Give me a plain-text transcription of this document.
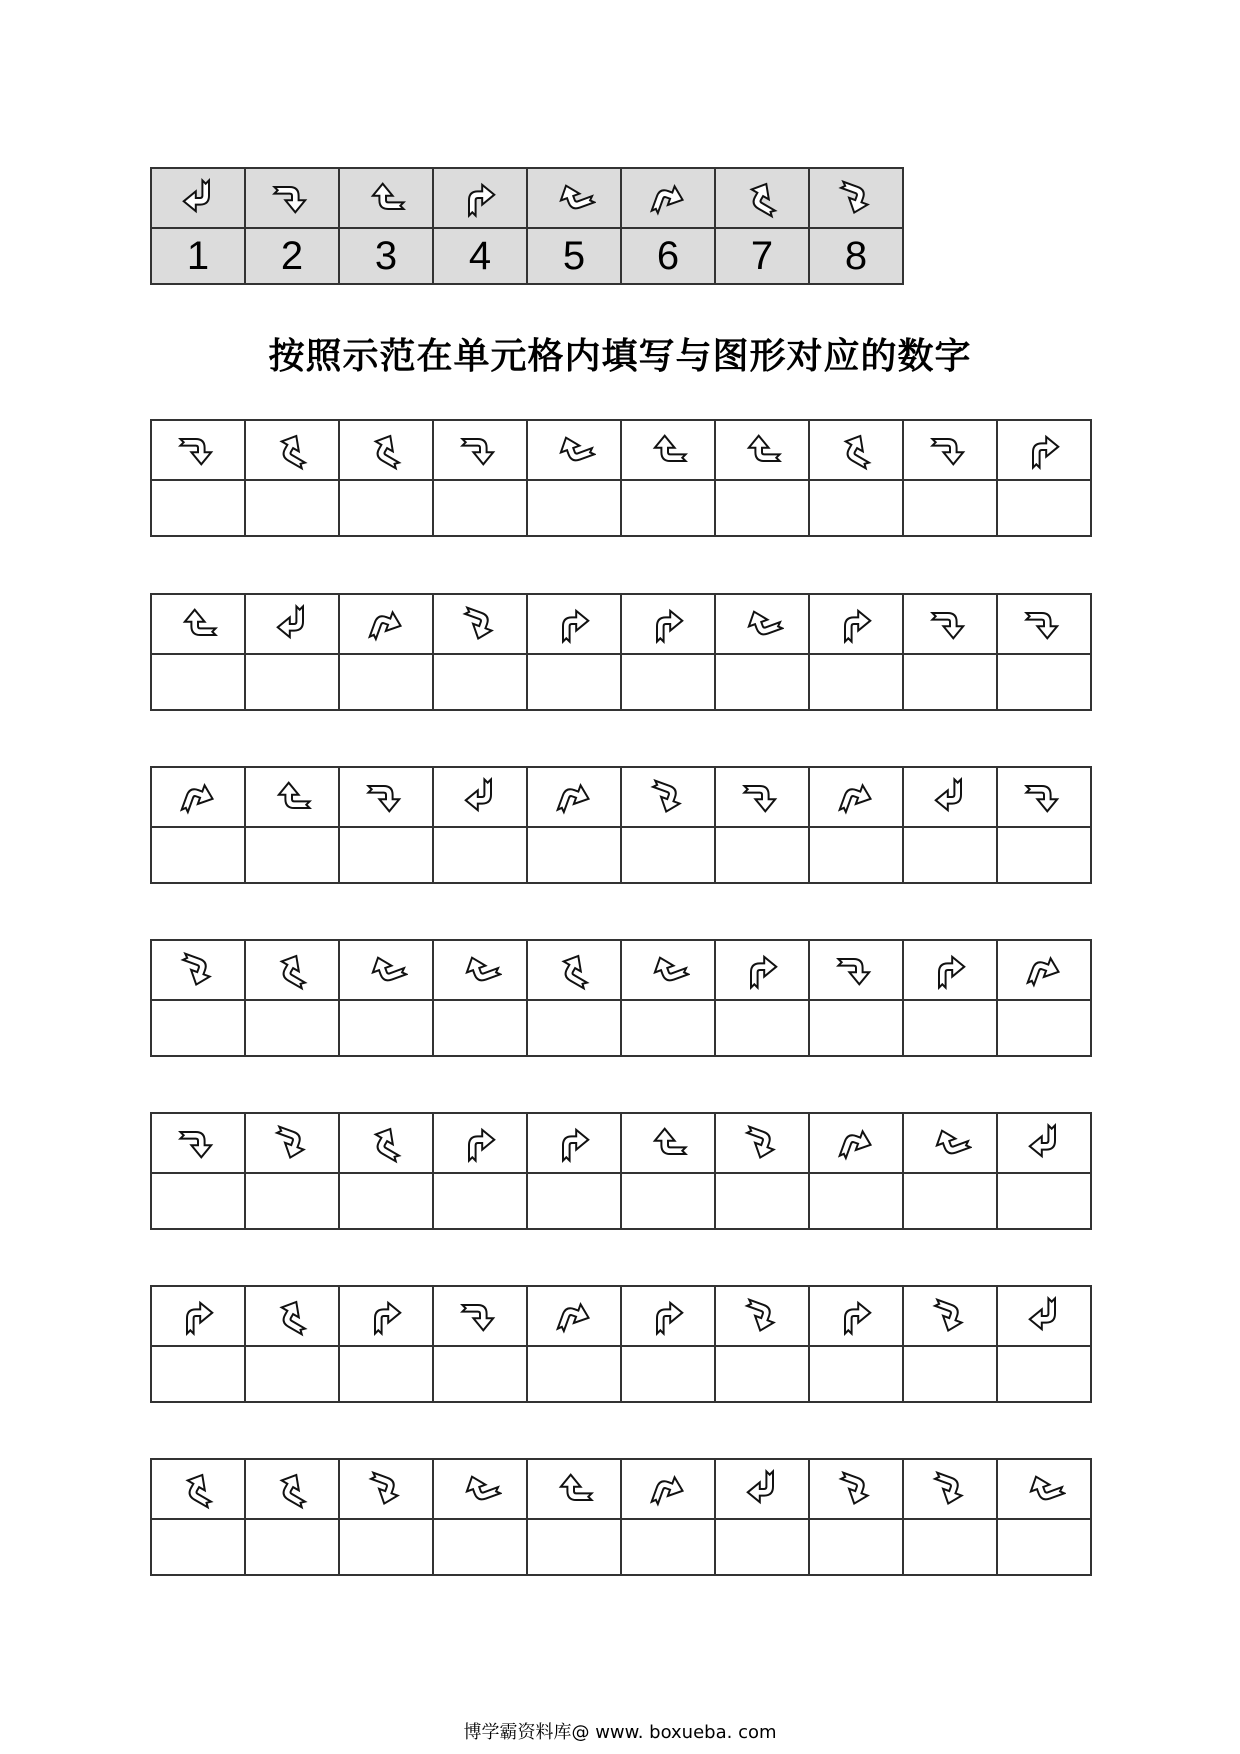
1	2	3	4	5	6	7	8
按照示范在单元格内填写与图形对应的数字

博学霸资料库@ www. boxueba. com
